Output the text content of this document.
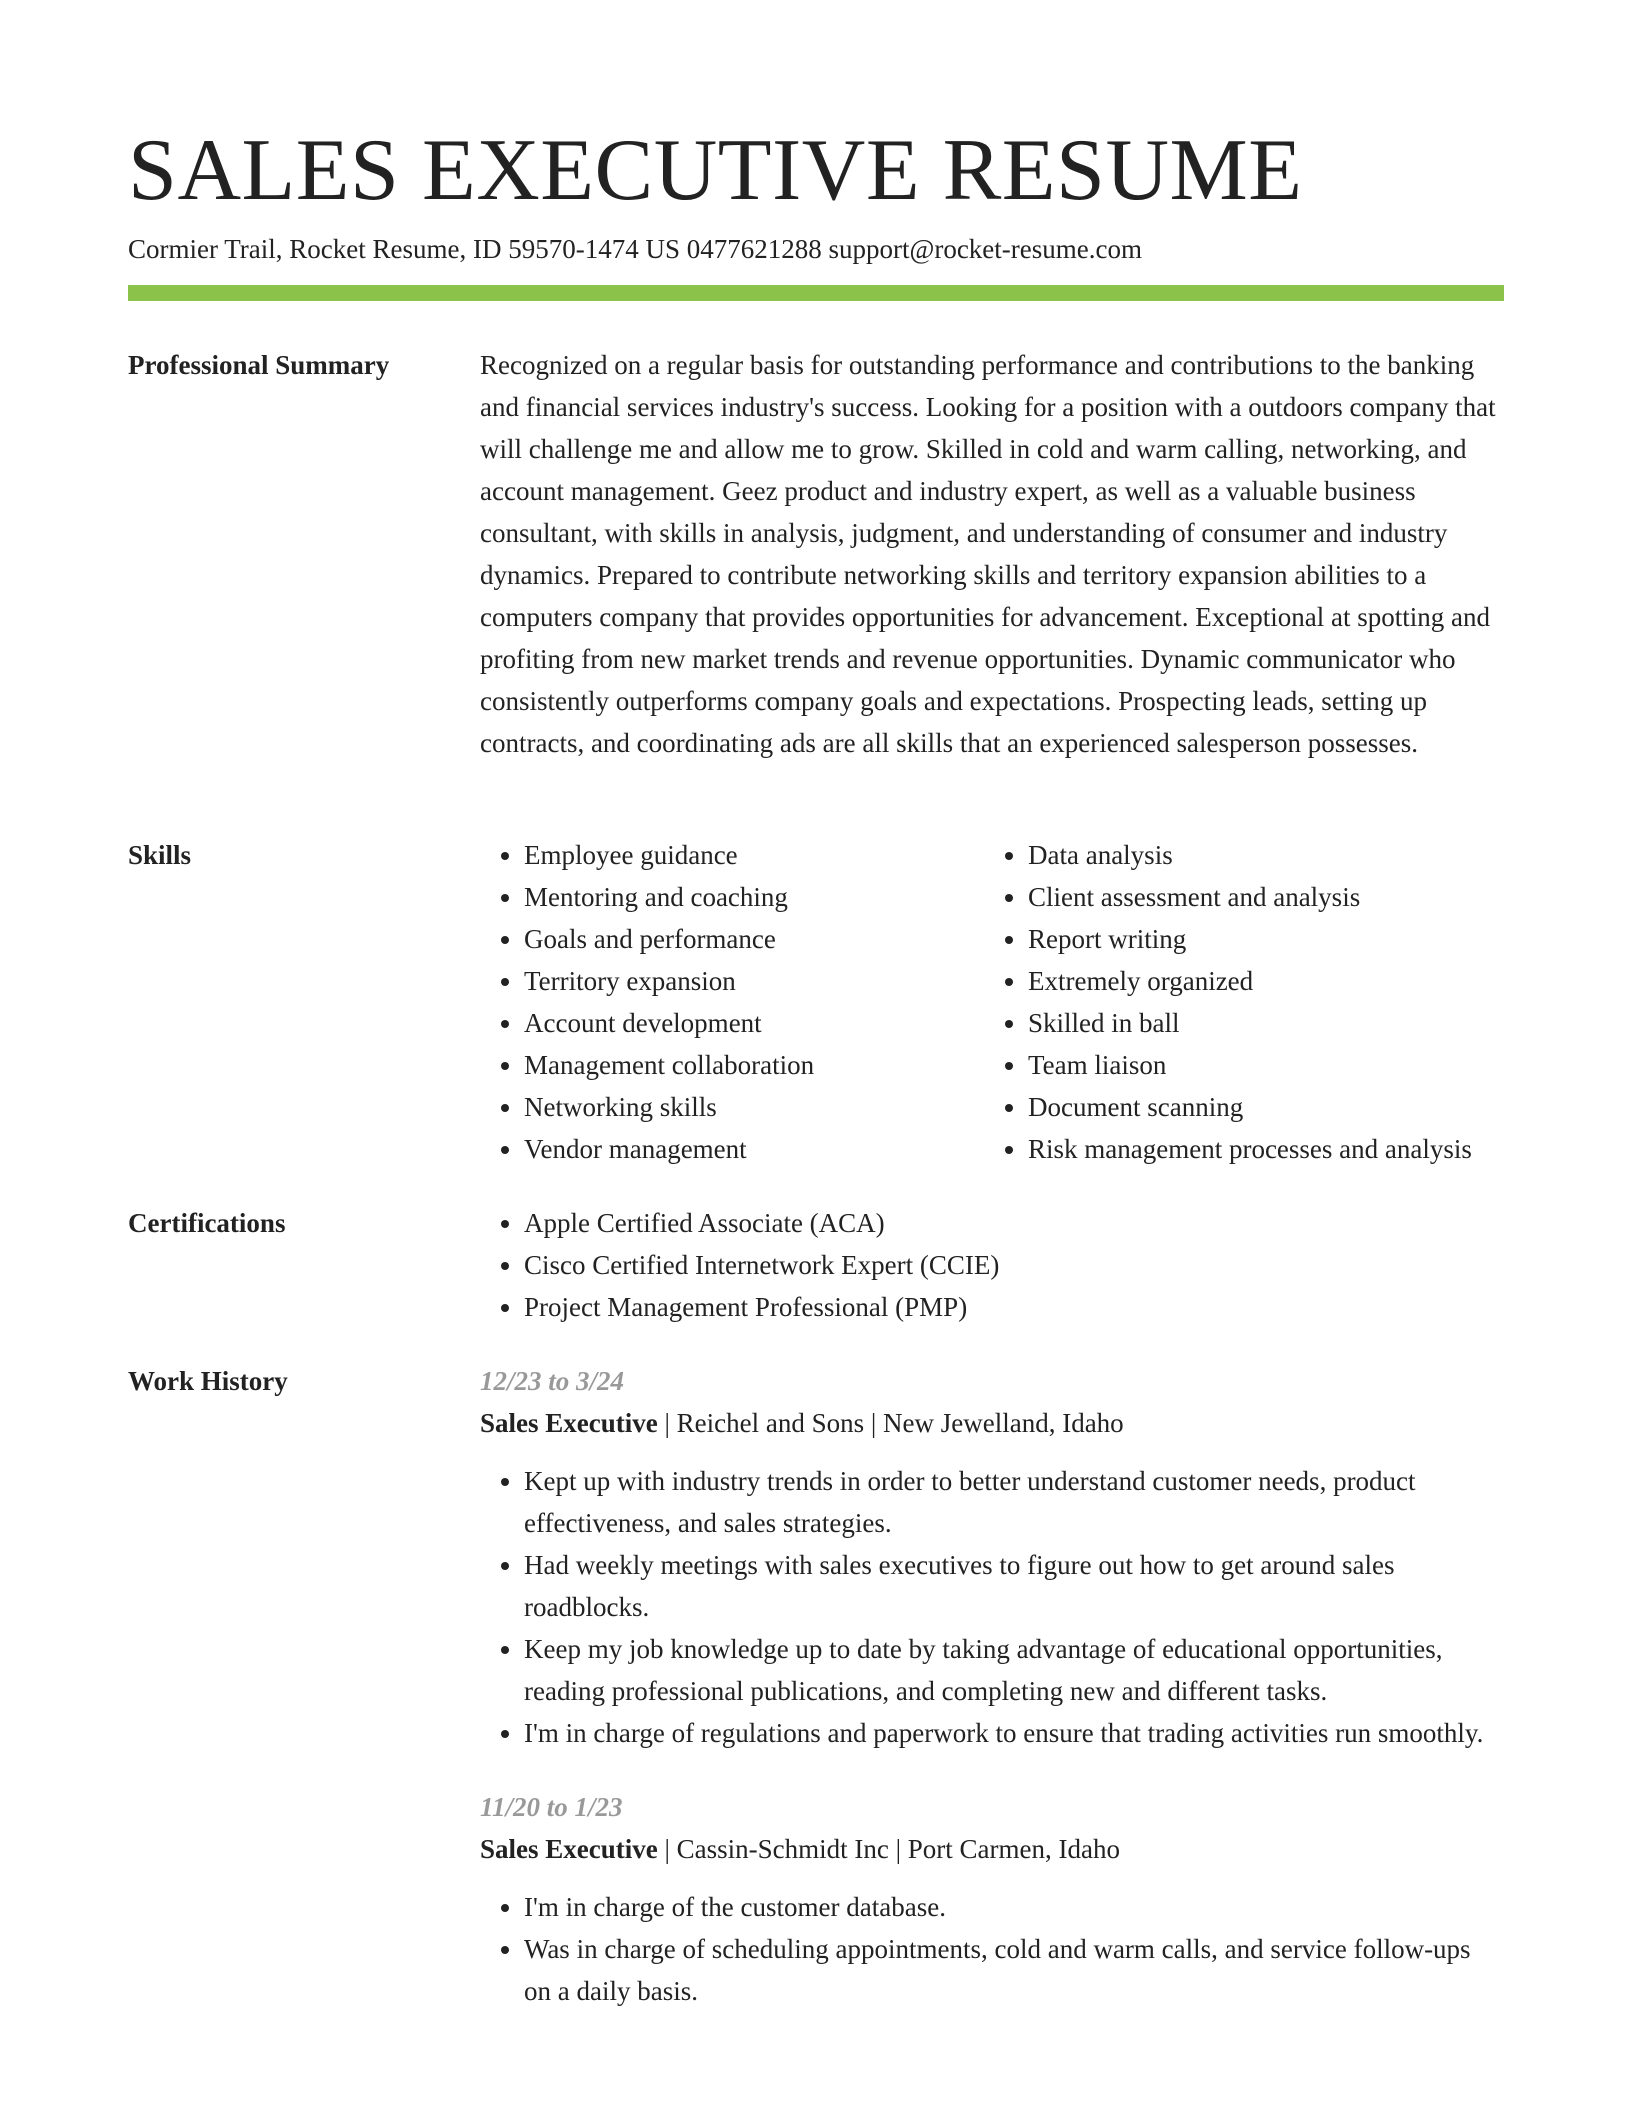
SALES EXECUTIVE RESUME
Cormier Trail, Rocket Resume, ID 59570-1474 US 0477621288 support@rocket-resume.com
Professional Summary	Recognized on a regular basis for outstanding performance and contributions to the banking and financial services industry's success. Looking for a position with a outdoors company that will challenge me and allow me to grow. Skilled in cold and warm calling, networking, and account management. Geez product and industry expert, as well as a valuable business consultant, with skills in analysis, judgment, and understanding of consumer and industry dynamics. Prepared to contribute networking skills and territory expansion abilities to a computers company that provides opportunities for advancement. Exceptional at spotting and profiting from new market trends and revenue opportunities. Dynamic communicator who consistently outperforms company goals and expectations. Prospecting leads, setting up contracts, and coordinating ads are all skills that an experienced salesperson possesses.

Skills	• Employee guidance
• Mentoring and coaching
• Goals and performance
• Territory expansion
• Account development
• Management collaboration
• Networking skills
• Vendor management
• Data analysis
• Client assessment and analysis
• Report writing
• Extremely organized
• Skilled in ball
• Team liaison
• Document scanning
• Risk management processes and analysis
Certifications	• Apple Certified Associate (ACA)
• Cisco Certified Internetwork Expert (CCIE)
• Project Management Professional (PMP)
Work History	12/23 to 3/24
Sales Executive | Reichel and Sons | New Jewelland, Idaho
• Kept up with industry trends in order to better understand customer needs, product effectiveness, and sales strategies.
• Had weekly meetings with sales executives to figure out how to get around sales roadblocks.
• Keep my job knowledge up to date by taking advantage of educational opportunities, reading professional publications, and completing new and different tasks.
• I'm in charge of regulations and paperwork to ensure that trading activities run smoothly.
11/20 to 1/23
Sales Executive | Cassin-Schmidt Inc | Port Carmen, Idaho
• I'm in charge of the customer database.
• Was in charge of scheduling appointments, cold and warm calls, and service follow-ups on a daily basis.
